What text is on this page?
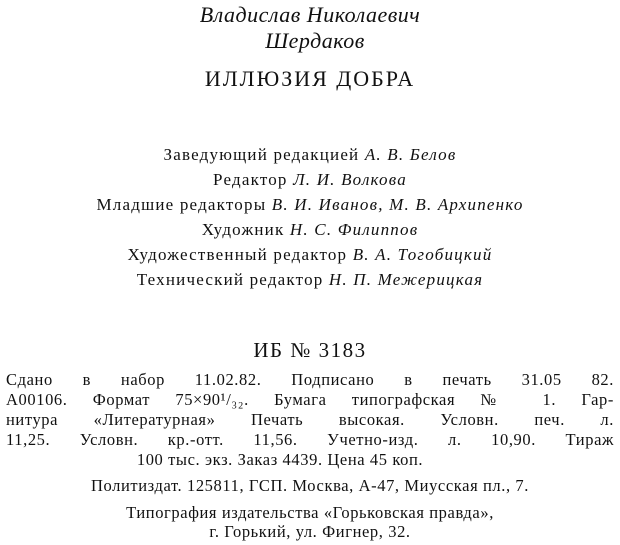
Владислав Николаевич
Шердаков
ИЛЛЮЗИЯ ДОБРА
Заведующий редакцией А. В. Белов
Редактор Л. И. Волкова
Младшие редакторы В. И. Иванов, М. В. Архипенко
Художник Н. С. Филиппов
Художественный редактор В. А. Тогобицкий
Технический редактор Н. П. Межерицкая
ИБ № 3183
Сдано в набор 11.02.82. Подписано в печать 31.05 82.
А00106. Формат 75×90¹/₃₂. Бумага типографская № 1. Гар-
нитура «Литературная» Печать высокая. Условн. печ. л.
11,25. Условн. кр.-отт. 11,56. Учетно-изд. л. 10,90. Тираж
100 тыс. экз. Заказ 4439. Цена 45 коп.
Политиздат. 125811, ГСП. Москва, А-47, Миусская пл., 7.
Типография издательства «Горьковская правда»,
г. Горький, ул. Фигнер, 32.
